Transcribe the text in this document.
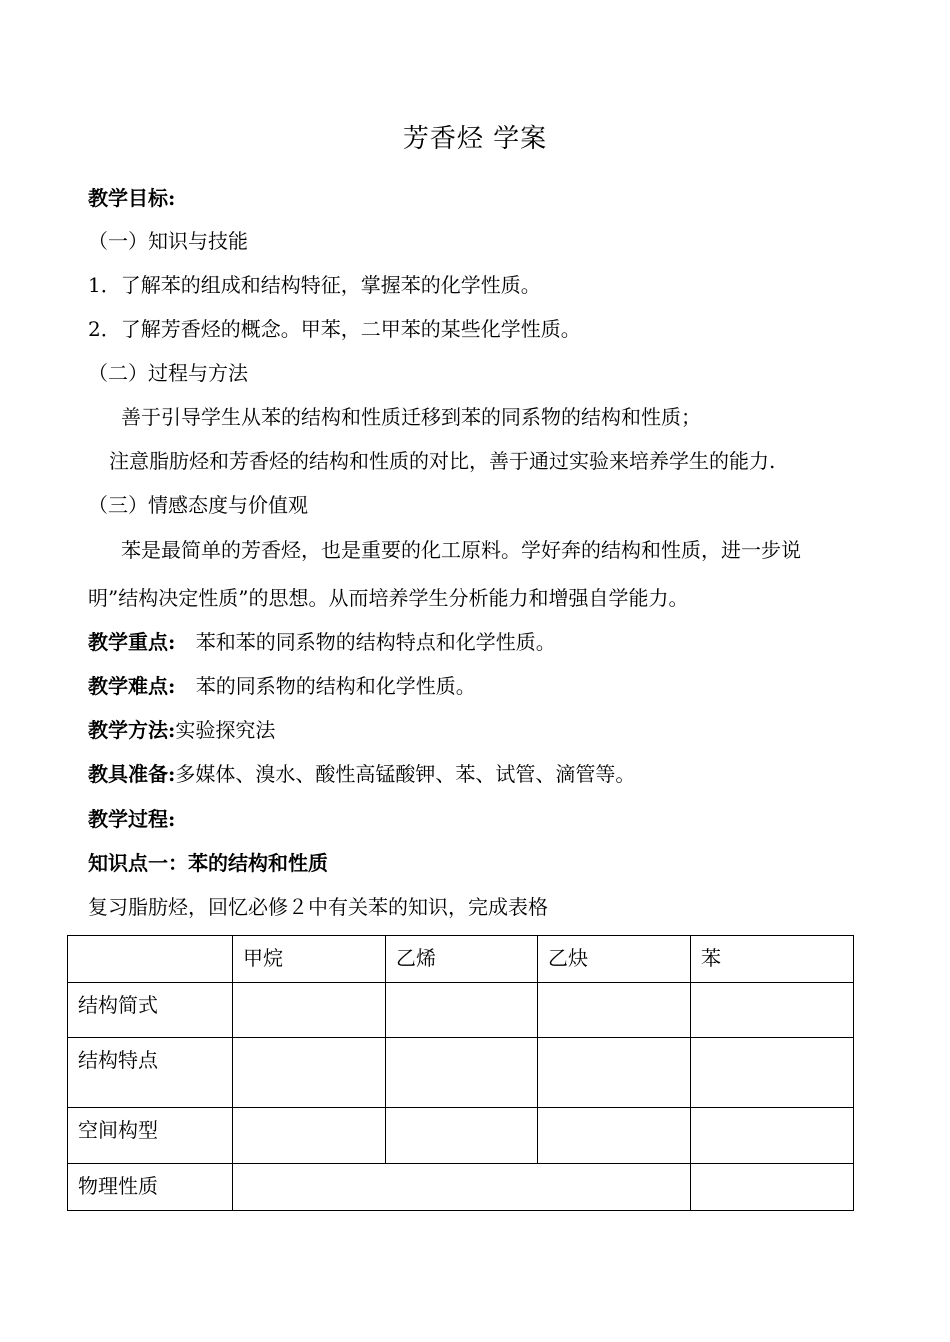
芳香烃 学案
教学目标:
（一）知识与技能
1．了解苯的组成和结构特征，掌握苯的化学性质。
2．了解芳香烃的概念。甲苯，二甲苯的某些化学性质。
（二）过程与方法
善于引导学生从苯的结构和性质迁移到苯的同系物的结构和性质；
注意脂肪烃和芳香烃的结构和性质的对比，善于通过实验来培养学生的能力.
（三）情感态度与价值观
苯是最简单的芳香烃，也是重要的化工原料。学好奔的结构和性质，进一步说
明”结构决定性质”的思想。从而培养学生分析能力和增强自学能力。
教学重点: 苯和苯的同系物的结构特点和化学性质。
教学难点: 苯的同系物的结构和化学性质。
教学方法:实验探究法
教具准备:多媒体、溴水、酸性高锰酸钾、苯、试管、滴管等。
教学过程:
知识点一：苯的结构和性质
复习脂肪烃，回忆必修２中有关苯的知识，完成表格
	甲烷	乙烯	乙炔	苯
结构简式				
结构特点				
空间构型				
物理性质				
